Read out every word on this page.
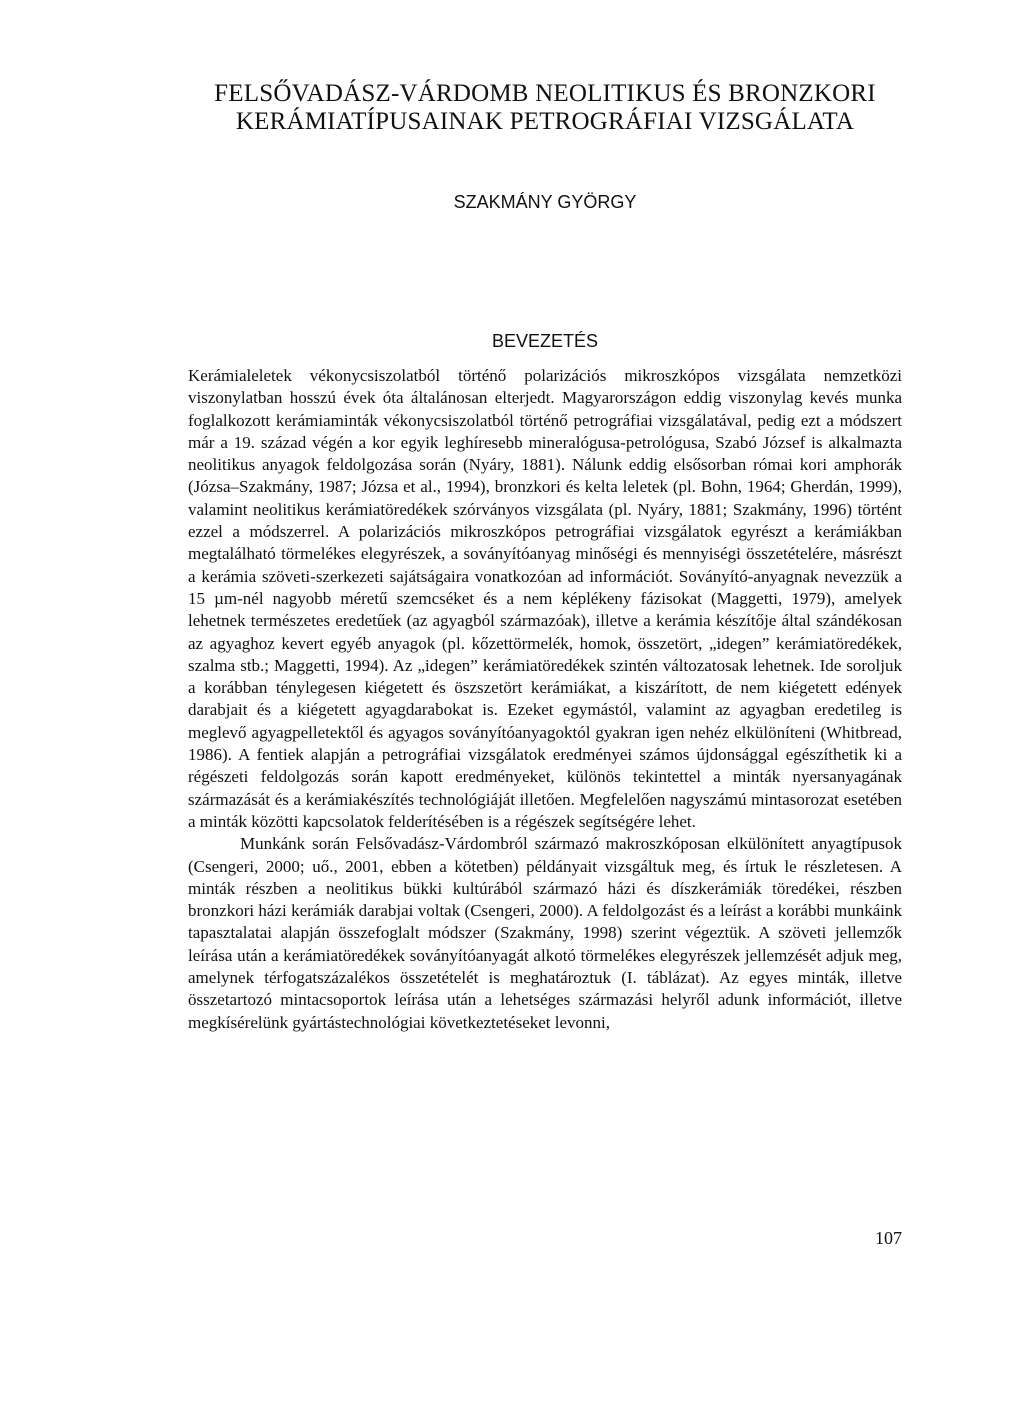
FELSŐVADÁSZ-VÁRDOMB NEOLITIKUS ÉS BRONZKORI
KERÁMIATÍPUSAINAK PETROGRÁFIAI VIZSGÁLATA

SZAKMÁNY GYÖRGY

BEVEZETÉS

Kerámialeletek vékonycsiszolatból történő polarizációs mikroszkópos vizsgálata nemzetközi viszonylatban hosszú évek óta általánosan elterjedt. Magyarországon eddig viszonylag kevés munka foglalkozott kerámiaminták vékonycsiszolatból történő petrográfiai vizsgálatával, pedig ezt a módszert már a 19. század végén a kor egyik leghíresebb mineralógusa-petrológusa, Szabó József is alkalmazta neolitikus anyagok feldolgozása során (Nyáry, 1881). Nálunk eddig elsősorban római kori amphorák (Józsa–Szakmány, 1987; Józsa et al., 1994), bronzkori és kelta leletek (pl. Bohn, 1964; Gherdán, 1999), valamint neolitikus kerámiatöredékek szórványos vizsgálata (pl. Nyáry, 1881; Szakmány, 1996) történt ezzel a módszerrel. A polarizációs mikroszkópos petrográfiai vizsgálatok egyrészt a kerámiákban megtalálható törmelékes elegyrészek, a soványítóanyag minőségi és mennyiségi összetételére, másrészt a kerámia szöveti-szerkezeti sajátságaira vonatkozóan ad információt. Soványító-anyagnak nevezzük a 15 µm-nél nagyobb méretű szemcséket és a nem képlékeny fázisokat (Maggetti, 1979), amelyek lehetnek természetes eredetűek (az agyagból származóak), illetve a kerámia készítője által szándékosan az agyaghoz kevert egyéb anyagok (pl. kőzettörmelék, homok, összetört, „idegen” kerámiatöredékek, szalma stb.; Maggetti, 1994). Az „idegen” kerámiatöredékek szintén változatosak lehetnek. Ide soroljuk a korábban ténylegesen kiégetett és öszszetört kerámiákat, a kiszárított, de nem kiégetett edények darabjait és a kiégetett agyagdarabokat is. Ezeket egymástól, valamint az agyagban eredetileg is meglevő agyagpelletektől és agyagos soványítóanyagoktól gyakran igen nehéz elkülöníteni (Whitbread, 1986). A fentiek alapján a petrográfiai vizsgálatok eredményei számos újdonsággal egészíthetik ki a régészeti feldolgozás során kapott eredményeket, különös tekintettel a minták nyersanyagának származását és a kerámiakészítés technológiáját illetően. Megfelelően nagyszámú mintasorozat esetében a minták közötti kapcsolatok felderítésében is a régészek segítségére lehet.

Munkánk során Felsővadász-Várdombról származó makroszkóposan elkülönített anyagtípusok (Csengeri, 2000; uő., 2001, ebben a kötetben) példányait vizsgáltuk meg, és írtuk le részletesen. A minták részben a neolitikus bükki kultúrából származó házi és díszkerámiák töredékei, részben bronzkori házi kerámiák darabjai voltak (Csengeri, 2000). A feldolgozást és a leírást a korábbi munkáink tapasztalatai alapján összefoglalt módszer (Szakmány, 1998) szerint végeztük. A szöveti jellemzők leírása után a kerámiatöredékek soványítóanyagát alkotó törmelékes elegyrészek jellemzését adjuk meg, amelynek térfogatszázalékos összetételét is meghatároztuk (I. táblázat). Az egyes minták, illetve összetartozó mintacsoportok leírása után a lehetséges származási helyről adunk információt, illetve megkísérelünk gyártástechnológiai következtetéseket levonni,

107
